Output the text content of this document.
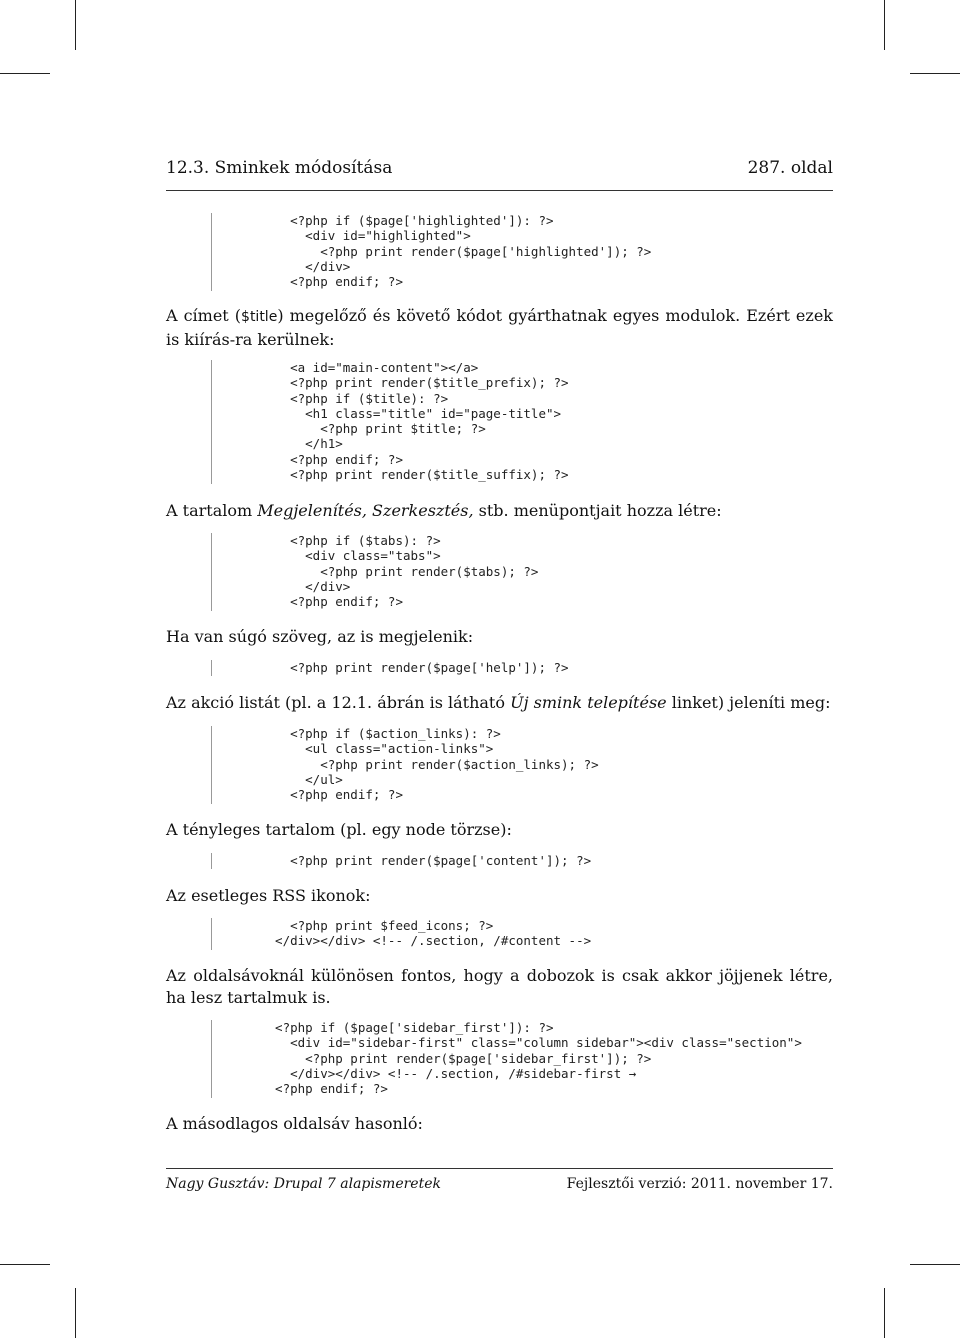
12.3. Sminkek módosítása	287. oldal
<?php if ($page['highlighted']): ?>
<div id="highlighted">
<?php print render($page['highlighted']); ?>
</div>
<?php endif; ?>
A címet ($title) megelőző és követő kódot gyárthatnak egyes modulok. Ezért ezek is kiírás-ra kerülnek:
<a id="main-content"></a>
<?php print render($title_prefix); ?>
<?php if ($title): ?>
<h1 class="title" id="page-title">
<?php print $title; ?>
</h1>
<?php endif; ?>
<?php print render($title_suffix); ?>
A tartalom Megjelenítés, Szerkesztés, stb. menüpontjait hozza létre:
<?php if ($tabs): ?>
<div class="tabs">
<?php print render($tabs); ?>
</div>
<?php endif; ?>
Ha van súgó szöveg, az is megjelenik:
<?php print render($page['help']); ?>
Az akció listát (pl. a 12.1. ábrán is látható Új smink telepítése linket) jeleníti meg:
<?php if ($action_links): ?>
<ul class="action-links">
<?php print render($action_links); ?>
</ul>
<?php endif; ?>
A tényleges tartalom (pl. egy node törzse):
<?php print render($page['content']); ?>
Az esetleges RSS ikonok:
<?php print $feed_icons; ?>
</div></div> <!-- /.section, /#content -->
Az oldalsávoknál különösen fontos, hogy a dobozok is csak akkor jöjjenek létre, ha lesz tartalmuk is.
<?php if ($page['sidebar_first']): ?>
<div id="sidebar-first" class="column sidebar"><div class="section">
<?php print render($page['sidebar_first']); ?>
</div></div> <!-- /.section, /#sidebar-first →
<?php endif; ?>
A másodlagos oldalsáv hasonló:
Nagy Gusztáv: Drupal 7 alapismeretek	Fejlesztői verzió: 2011. november 17.
